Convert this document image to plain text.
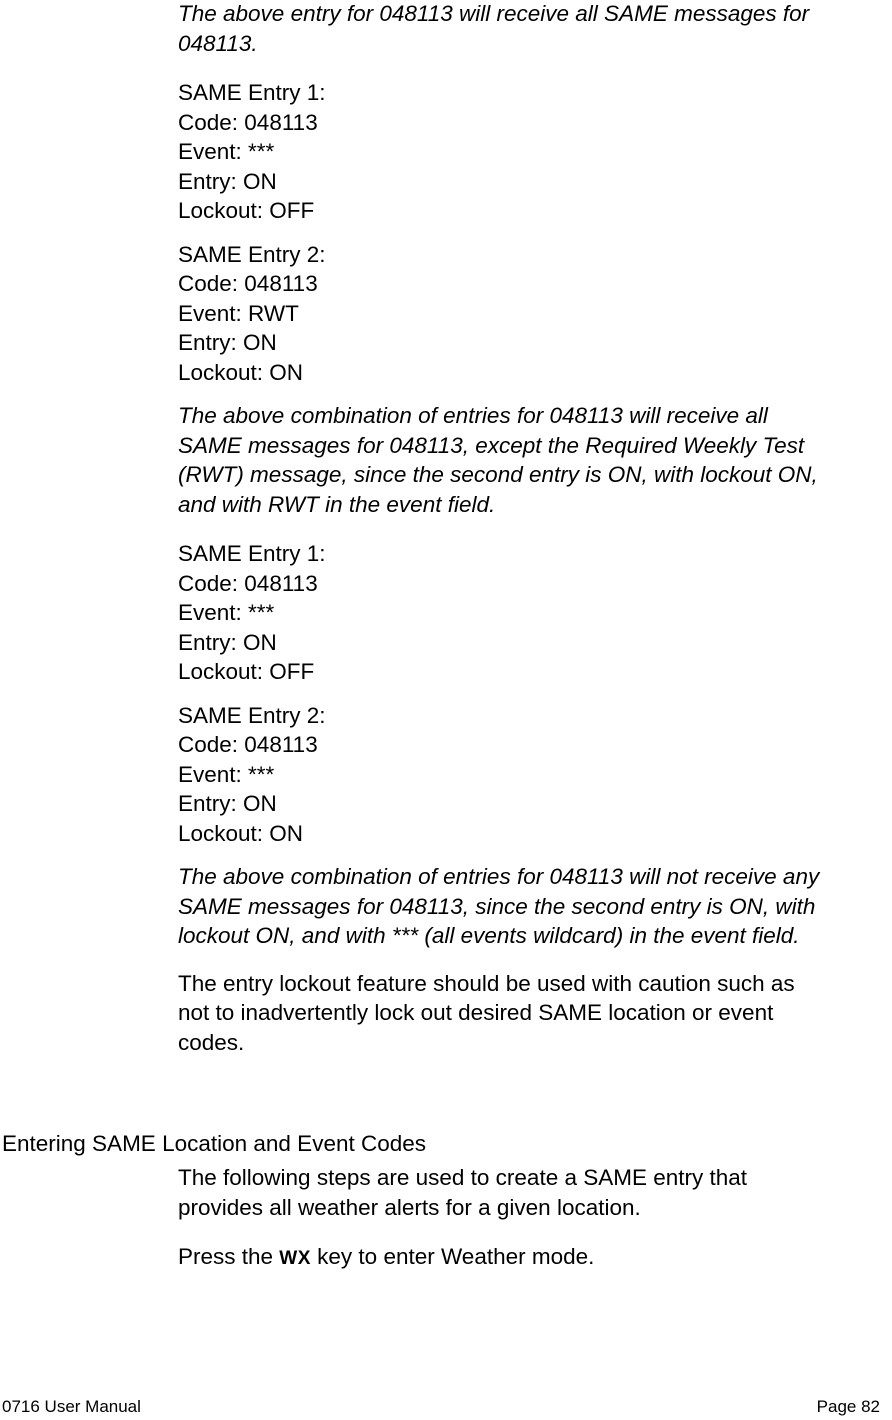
The above entry for 048113 will receive all SAME messages for
048113.

SAME Entry 1:
Code: 048113
Event: ***
Entry: ON
Lockout: OFF

SAME Entry 2:
Code: 048113
Event: RWT
Entry: ON
Lockout: ON

The above combination of entries for 048113 will receive all
SAME messages for 048113, except the Required Weekly Test
(RWT) message, since the second entry is ON, with lockout ON,
and with RWT in the event field.

SAME Entry 1:
Code: 048113
Event: ***
Entry: ON
Lockout: OFF

SAME Entry 2:
Code: 048113
Event: ***
Entry: ON
Lockout: ON

The above combination of entries for 048113 will not receive any
SAME messages for 048113, since the second entry is ON, with
lockout ON, and with *** (all events wildcard) in the event field.

The entry lockout feature should be used with caution such as
not to inadvertently lock out desired SAME location or event
codes.

Entering SAME Location and Event Codes

The following steps are used to create a SAME entry that
provides all weather alerts for a given location.

Press the WX key to enter Weather mode.

0716 User Manual	Page 82
